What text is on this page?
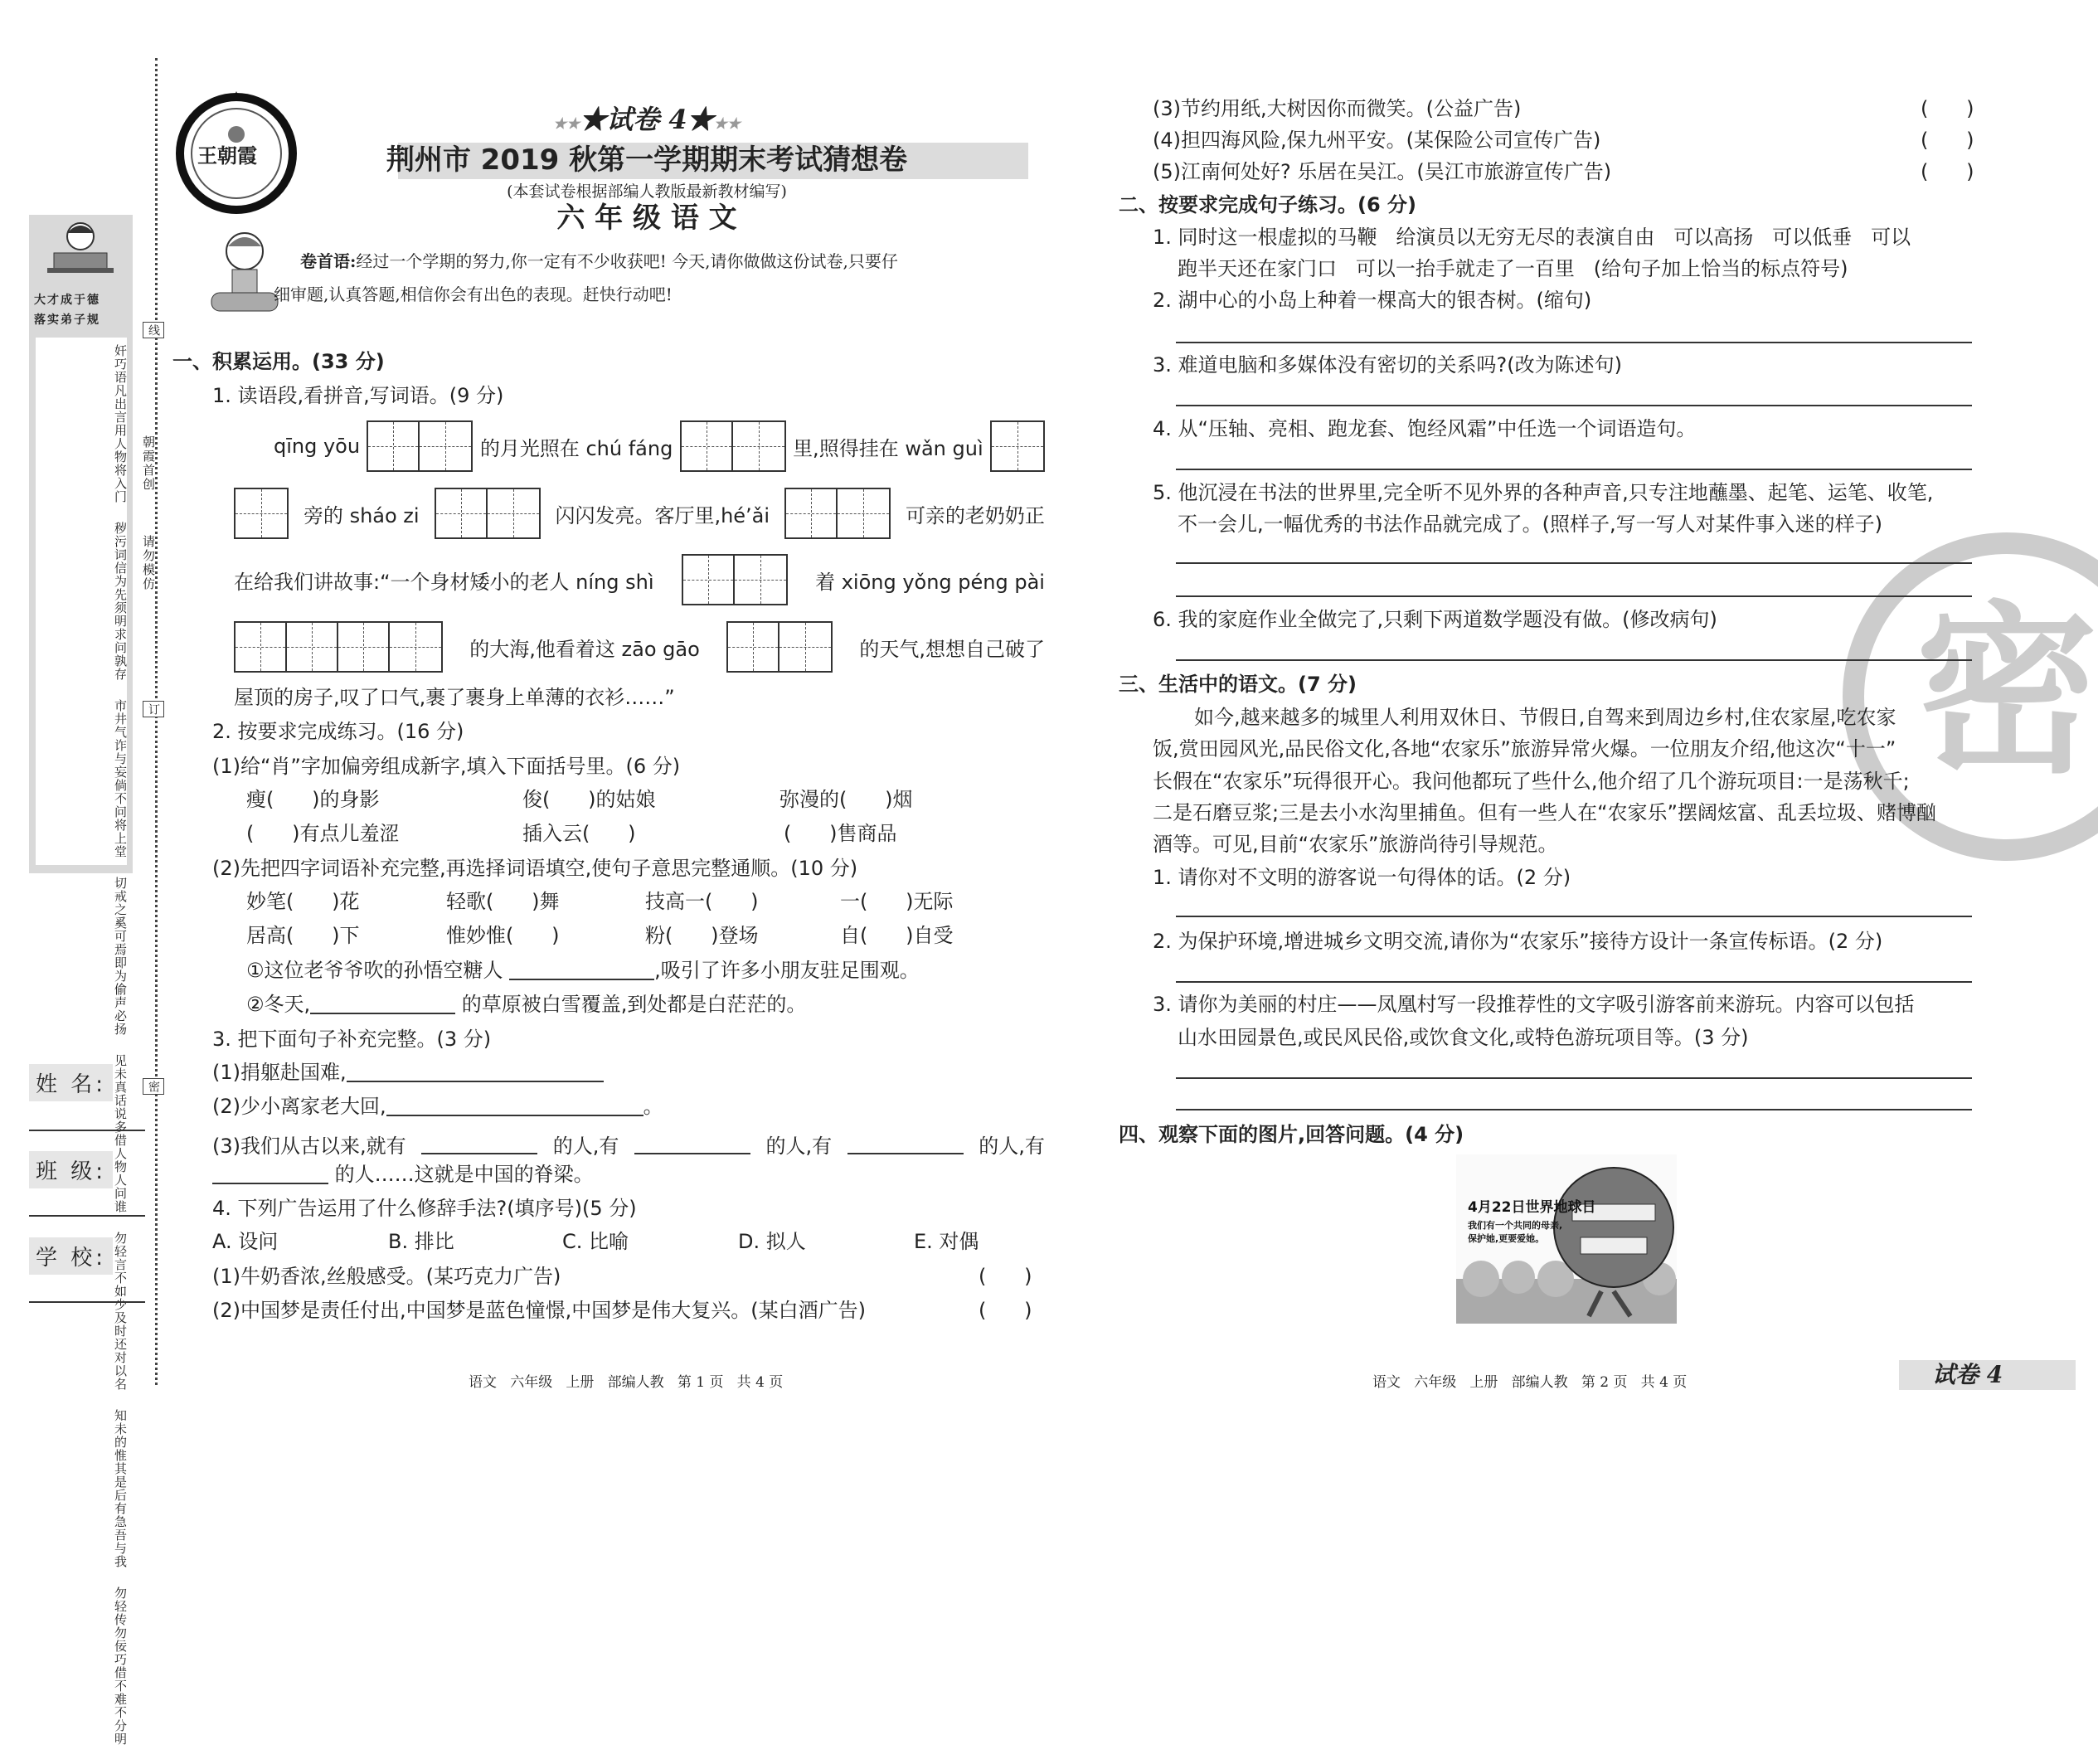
大才成于德
落实弟子规
将入门
用人物
凡出言
奸巧语
问孰存
须明求
信为先
秽污词
将上堂
倘不问
诈与妄
市井气
声必扬
即为偷
奚可焉
切戒之
人问谁
借人物
话说多
见未真
对以名
及时还
不如少
勿轻言
吾与我
后有急
惟其是
知未的
不分明
借不难
勿佞巧
勿轻传
线
朝霞首创
请勿模仿
订
密
姓 名:
班 级:
学 校:
王朝霞
★★★试卷 4★★★
荆州市 2019 秋第一学期期末考试猜想卷
(本套试卷根据部编人教版最新教材编写)
六 年 级 语 文
卷首语:经过一个学期的努力,你一定有不少收获吧! 今天,请你做做这份试卷,只要仔
细审题,认真答题,相信你会有出色的表现。赶快行动吧!
一、积累运用。(33 分)
1. 读语段,看拼音,写词语。(9 分)
qīng yōu	的月光照在 chú fáng	里,照得挂在 wǎn guì
旁的 sháo zi	闪闪发亮。客厅里,hé’ǎi	可亲的老奶奶正
在给我们讲故事:“一个身材矮小的老人 níng shì	着 xiōng yǒng péng pài
的大海,他看着这 zāo gāo	的天气,想想自己破了
屋顶的房子,叹了口气,裹了裹身上单薄的衣衫……”
2. 按要求完成练习。(16 分)
(1)给“肖”字加偏旁组成新字,填入下面括号里。(6 分)
瘦(      )的身影	俊(      )的姑娘	弥漫的(      )烟
(      )有点儿羞涩	插入云(      )	(      )售商品
(2)先把四字词语补充完整,再选择词语填空,使句子意思完整通顺。(10 分)
妙笔(      )花	轻歌(      )舞	技高一(      )	一(      )无际
居高(      )下	惟妙惟(      )	粉(      )登场	自(      )自受
①这位老爷爷吹的孙悟空糖人	,吸引了许多小朋友驻足围观。
②冬天,	的草原被白雪覆盖,到处都是白茫茫的。
3. 把下面句子补充完整。(3 分)
(1)捐躯赴国难,
(2)少小离家老大回,	。
(3)我们从古以来,就有	的人,有	的人,有	的人,有
的人……这就是中国的脊梁。
4. 下列广告运用了什么修辞手法?(填序号)(5 分)
A. 设问	B. 排比	C. 比喻	D. 拟人	E. 对偶
(1)牛奶香浓,丝般感受。(某巧克力广告)	(      )
(2)中国梦是责任付出,中国梦是蓝色憧憬,中国梦是伟大复兴。(某白酒广告)	(      )
语文   六年级   上册   部编人教   第 1 页   共 4 页
密
(3)节约用纸,大树因你而微笑。(公益广告)	(      )
(4)担四海风险,保九州平安。(某保险公司宣传广告)	(      )
(5)江南何处好? 乐居在吴江。(吴江市旅游宣传广告)	(      )
二、按要求完成句子练习。(6 分)
1. 同时这一根虚拟的马鞭   给演员以无穷无尽的表演自由   可以高扬   可以低垂   可以
跑半天还在家门口   可以一抬手就走了一百里   (给句子加上恰当的标点符号)
2. 湖中心的小岛上种着一棵高大的银杏树。(缩句)
3. 难道电脑和多媒体没有密切的关系吗?(改为陈述句)
4. 从“压轴、亮相、跑龙套、饱经风霜”中任选一个词语造句。
5. 他沉浸在书法的世界里,完全听不见外界的各种声音,只专注地蘸墨、起笔、运笔、收笔,
不一会儿,一幅优秀的书法作品就完成了。(照样子,写一写人对某件事入迷的样子)
6. 我的家庭作业全做完了,只剩下两道数学题没有做。(修改病句)
三、生活中的语文。(7 分)
如今,越来越多的城里人利用双休日、节假日,自驾来到周边乡村,住农家屋,吃农家
饭,赏田园风光,品民俗文化,各地“农家乐”旅游异常火爆。一位朋友介绍,他这次“十一”
长假在“农家乐”玩得很开心。我问他都玩了些什么,他介绍了几个游玩项目:一是荡秋千;
二是石磨豆浆;三是去小水沟里捕鱼。但有一些人在“农家乐”摆阔炫富、乱丢垃圾、赌博酗
酒等。可见,目前“农家乐”旅游尚待引导规范。
1. 请你对不文明的游客说一句得体的话。(2 分)
2. 为保护环境,增进城乡文明交流,请你为“农家乐”接待方设计一条宣传标语。(2 分)
3. 请你为美丽的村庄——凤凰村写一段推荐性的文字吸引游客前来游玩。内容可以包括
山水田园景色,或民风民俗,或饮食文化,或特色游玩项目等。(3 分)
四、观察下面的图片,回答问题。(4 分)
4月22日世界地球日
我们有一个共同的母亲,
保护她,更要爱她。
语文   六年级   上册   部编人教   第 2 页   共 4 页	试卷 4
